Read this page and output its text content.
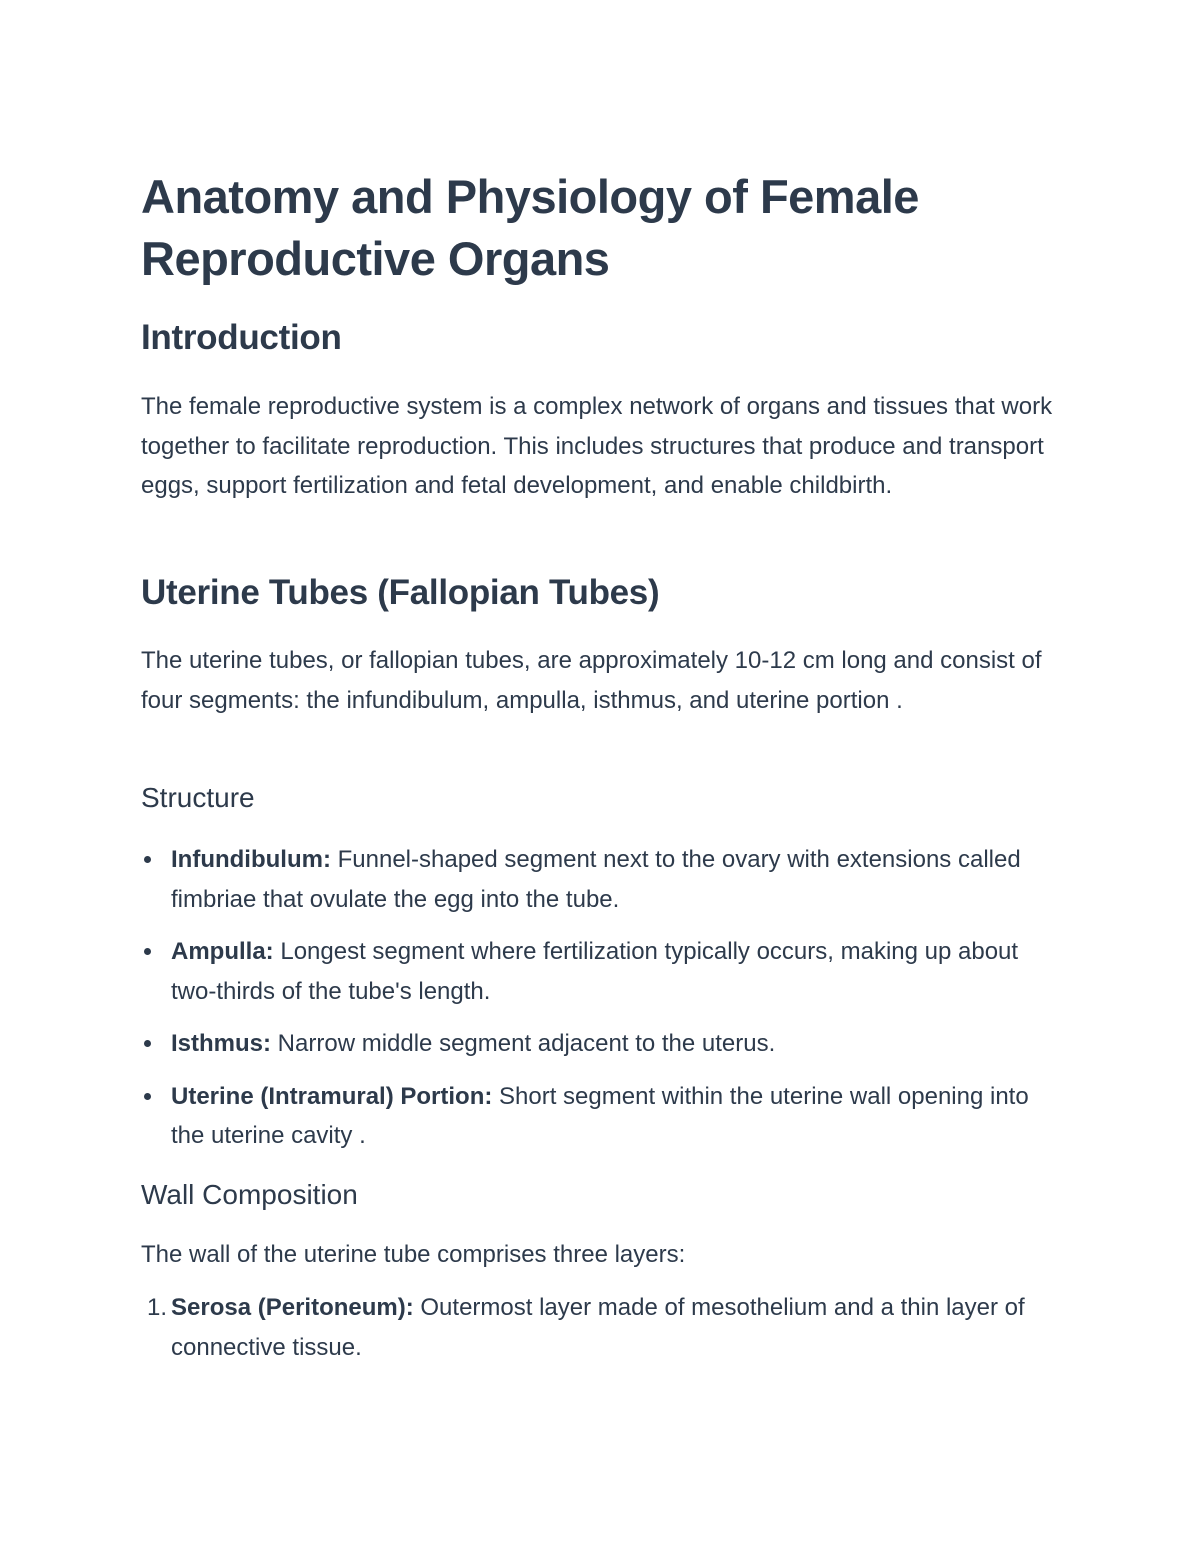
Anatomy and Physiology of Female Reproductive Organs
Introduction

The female reproductive system is a complex network of organs and tissues that work together to facilitate reproduction. This includes structures that produce and transport eggs, support fertilization and fetal development, and enable childbirth.

Uterine Tubes (Fallopian Tubes)

The uterine tubes, or fallopian tubes, are approximately 10-12 cm long and consist of four segments: the infundibulum, ampulla, isthmus, and uterine portion .

Structure
Infundibulum: Funnel-shaped segment next to the ovary with extensions called fimbriae that ovulate the egg into the tube.
Ampulla: Longest segment where fertilization typically occurs, making up about two-thirds of the tube's length.
Isthmus: Narrow middle segment adjacent to the uterus.
Uterine (Intramural) Portion: Short segment within the uterine wall opening into the uterine cavity .
Wall Composition

The wall of the uterine tube comprises three layers:

1. Serosa (Peritoneum): Outermost layer made of mesothelium and a thin layer of connective tissue.
